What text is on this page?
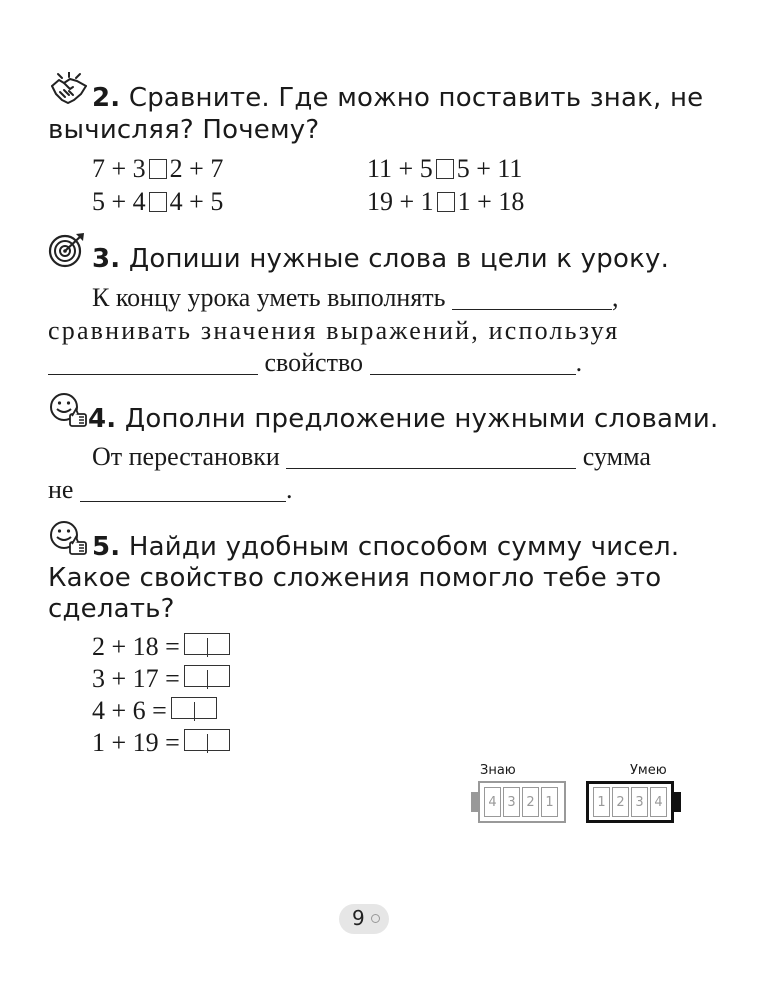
2. Сравните. Где можно поставить знак, не
вычисляя? Почему?
7 + 3 2 + 7	11 + 5 5 + 11
5 + 4 4 + 5	19 + 1 1 + 18
3. Допиши нужные слова в цели к уроку.
К концу урока уметь выполнять	,
сравнивать значения выражений, используя
свойство	.
4. Дополни предложение нужными словами.
От перестановки	сумма
не	.
5. Найди удобным способом сумму чисел.
Какое свойство сложения помогло тебе это
сделать?
2 + 18 =
3 + 17 =
4 + 6 =
1 + 19 =
Знаю
4 3 2 1
Умею
1 2 3 4
9
